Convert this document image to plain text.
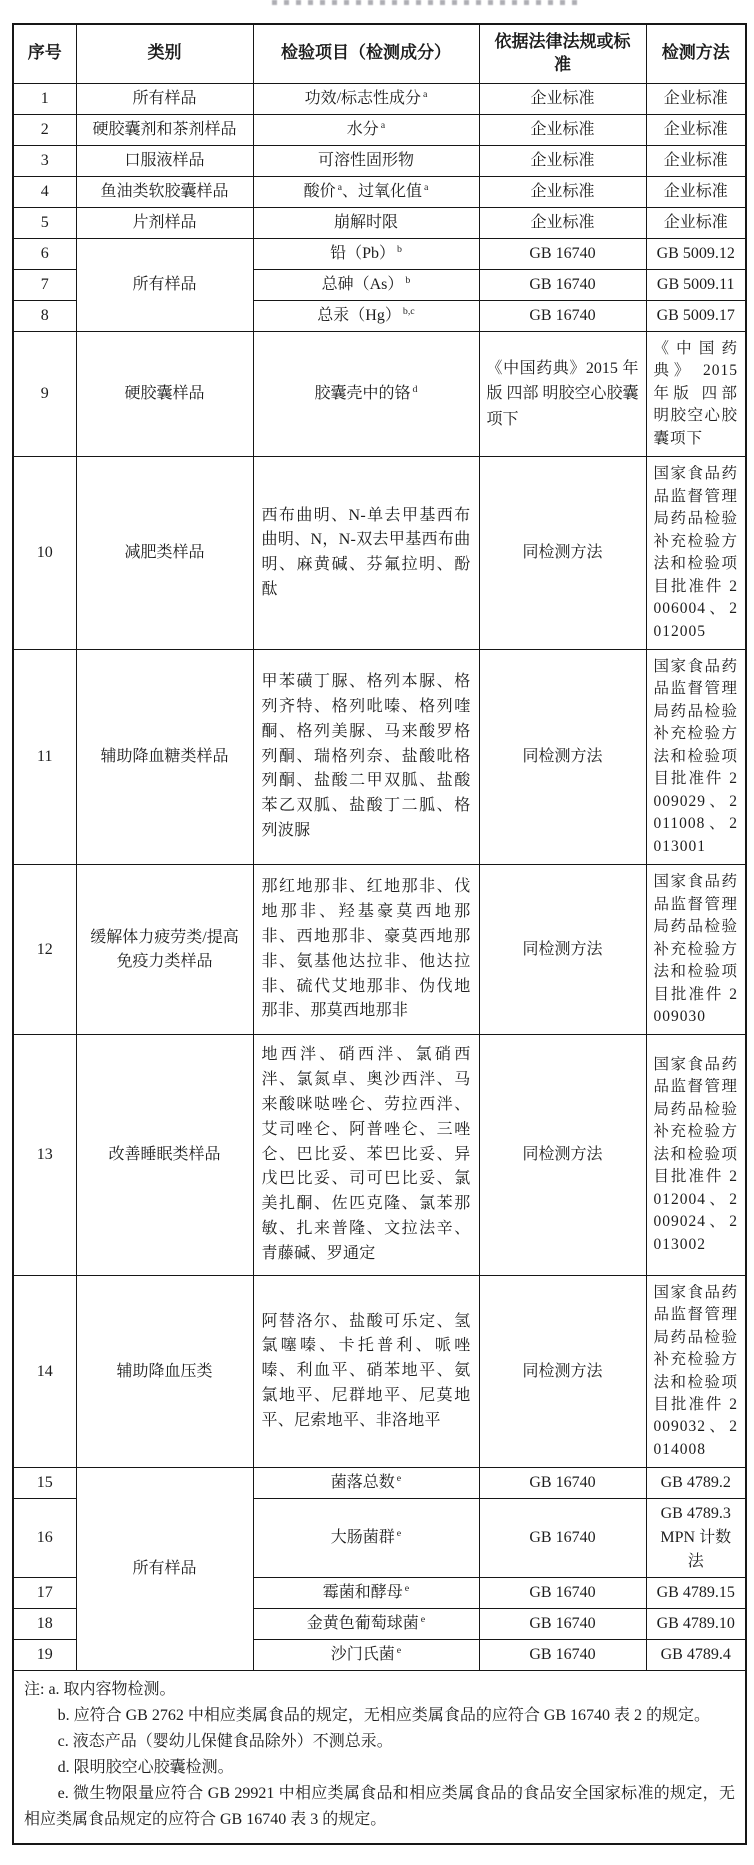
序号	类别	检验项目（检测成分）	依据法律法规或标准	检测方法
1	所有样品	功效/标志性成分 $^a$	企业标准	企业标准
2	硬胶囊剂和茶剂样品	水分 $^a$	企业标准	企业标准
3	口服液样品	可溶性固形物	企业标准	企业标准
4	鱼油类软胶囊样品	酸价 $^a$、过氧化值 $^a$	企业标准	企业标准
5	片剂样品	崩解时限	企业标准	企业标准
6	所有样品	铅（Pb） $^b$	GB 16740	GB 5009.12
7		总砷（As） $^b$	GB 16740	GB 5009.11
8		总汞（Hg） $^{b,c}$	GB 16740	GB 5009.17
9	硬胶囊样品	胶囊壳中的铬 $^d$	《中国药典》2015 年版 四部 明胶空心胶囊项下	《中国药典》 2015 年版 四部 明胶空心胶囊项下
10	减肥类样品	西布曲明、N-单去甲基西布曲明、N，N-双去甲基西布曲明、麻黄碱、芬氟拉明、酚酞	同检测方法	国家食品药品监督管理局药品检验补充检验方法和检验项目批准件 2006004、2012005
11	辅助降血糖类样品	甲苯磺丁脲、格列本脲、格列齐特、格列吡嗪、格列喹酮、格列美脲、马来酸罗格列酮、瑞格列奈、盐酸吡格列酮、盐酸二甲双胍、盐酸苯乙双胍、盐酸丁二胍、格列波脲	同检测方法	国家食品药品监督管理局药品检验补充检验方法和检验项目批准件 2009029、2011008、2013001
12	缓解体力疲劳类/提高免疫力类样品	那红地那非、红地那非、伐地那非、羟基豪莫西地那非、西地那非、豪莫西地那非、氨基他达拉非、他达拉非、硫代艾地那非、伪伐地那非、那莫西地那非	同检测方法	国家食品药品监督管理局药品检验补充检验方法和检验项目批准件 2009030
13	改善睡眠类样品	地西泮、硝西泮、氯硝西泮、氯氮卓、奥沙西泮、马来酸咪哒唑仑、劳拉西泮、艾司唑仑、阿普唑仑、三唑仑、巴比妥、苯巴比妥、异戊巴比妥、司可巴比妥、氯美扎酮、佐匹克隆、氯苯那敏、扎来普隆、文拉法辛、青藤碱、罗通定	同检测方法	国家食品药品监督管理局药品检验补充检验方法和检验项目批准件 2012004、2009024、2013002
14	辅助降血压类	阿替洛尔、盐酸可乐定、氢氯噻嗪、卡托普利、哌唑嗪、利血平、硝苯地平、氨氯地平、尼群地平、尼莫地平、尼索地平、非洛地平	同检测方法	国家食品药品监督管理局药品检验补充检验方法和检验项目批准件 2009032、2014008
15	所有样品	菌落总数 $^e$	GB 16740	GB 4789.2
16		大肠菌群 $^e$	GB 16740	GB 4789.3 MPN 计数法
17		霉菌和酵母 $^e$	GB 16740	GB 4789.15
18		金黄色葡萄球菌 $^e$	GB 16740	GB 4789.10
19		沙门氏菌 $^e$	GB 16740	GB 4789.4

注: a. 取内容物检测。

b. 应符合 GB 2762 中相应类属食品的规定，无相应类属食品的应符合 GB 16740 表 2 的规定。

c. 液态产品（婴幼儿保健食品除外）不测总汞。

d. 限明胶空心胶囊检测。

e. 微生物限量应符合 GB 29921 中相应类属食品和相应类属食品的食品安全国家标准的规定，无相应类属食品规定的应符合 GB 16740 表 3 的规定。				
